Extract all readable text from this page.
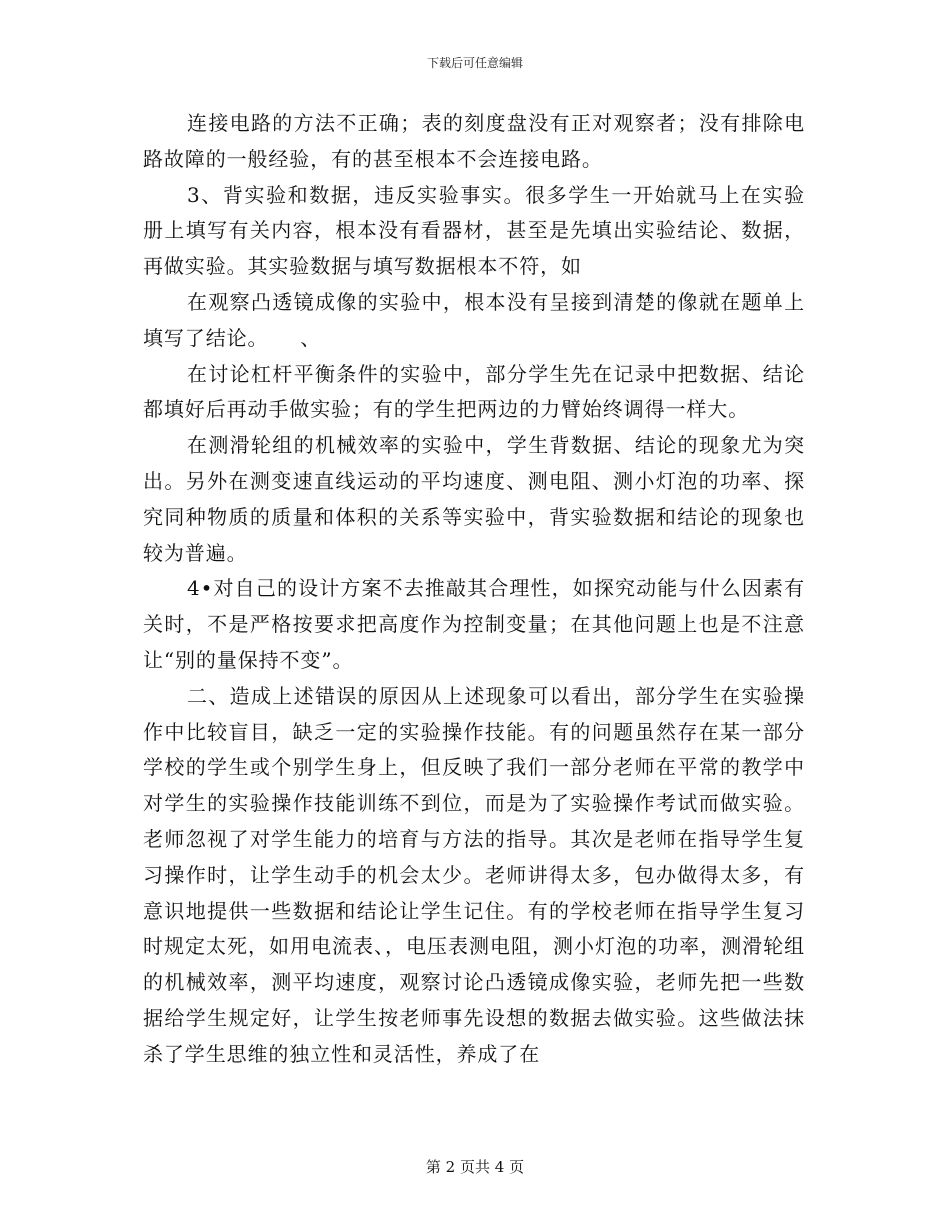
下载后可任意编辑

连接电路的方法不正确；表的刻度盘没有正对观察者；没有排除电路故障的一般经验，有的甚至根本不会连接电路。

3、背实验和数据，违反实验事实。很多学生一开始就马上在实验册上填写有关内容，根本没有看器材，甚至是先填出实验结论、数据，再做实验。其实验数据与填写数据根本不符，如

在观察凸透镜成像的实验中，根本没有呈接到清楚的像就在题单上填写了结论。　　、

在讨论杠杆平衡条件的实验中，部分学生先在记录中把数据、结论都填好后再动手做实验；有的学生把两边的力臂始终调得一样大。

在测滑轮组的机械效率的实验中，学生背数据、结论的现象尤为突出。另外在测变速直线运动的平均速度、测电阻、测小灯泡的功率、探究同种物质的质量和体积的关系等实验中，背实验数据和结论的现象也较为普遍。

4•对自己的设计方案不去推敲其合理性，如探究动能与什么因素有关时，不是严格按要求把高度作为控制变量；在其他问题上也是不注意让“别的量保持不变”。

二、造成上述错误的原因从上述现象可以看出，部分学生在实验操作中比较盲目，缺乏一定的实验操作技能。有的问题虽然存在某一部分学校的学生或个别学生身上，但反映了我们一部分老师在平常的教学中对学生的实验操作技能训练不到位，而是为了实验操作考试而做实验。老师忽视了对学生能力的培育与方法的指导。其次是老师在指导学生复习操作时，让学生动手的机会太少。老师讲得太多，包办做得太多，有意识地提供一些数据和结论让学生记住。有的学校老师在指导学生复习时规定太死，如用电流表、，电压表测电阻，测小灯泡的功率，测滑轮组的机械效率，测平均速度，观察讨论凸透镜成像实验，老师先把一些数据给学生规定好，让学生按老师事先设想的数据去做实验。这些做法抹杀了学生思维的独立性和灵活性，养成了在

第 2 页共 4 页
